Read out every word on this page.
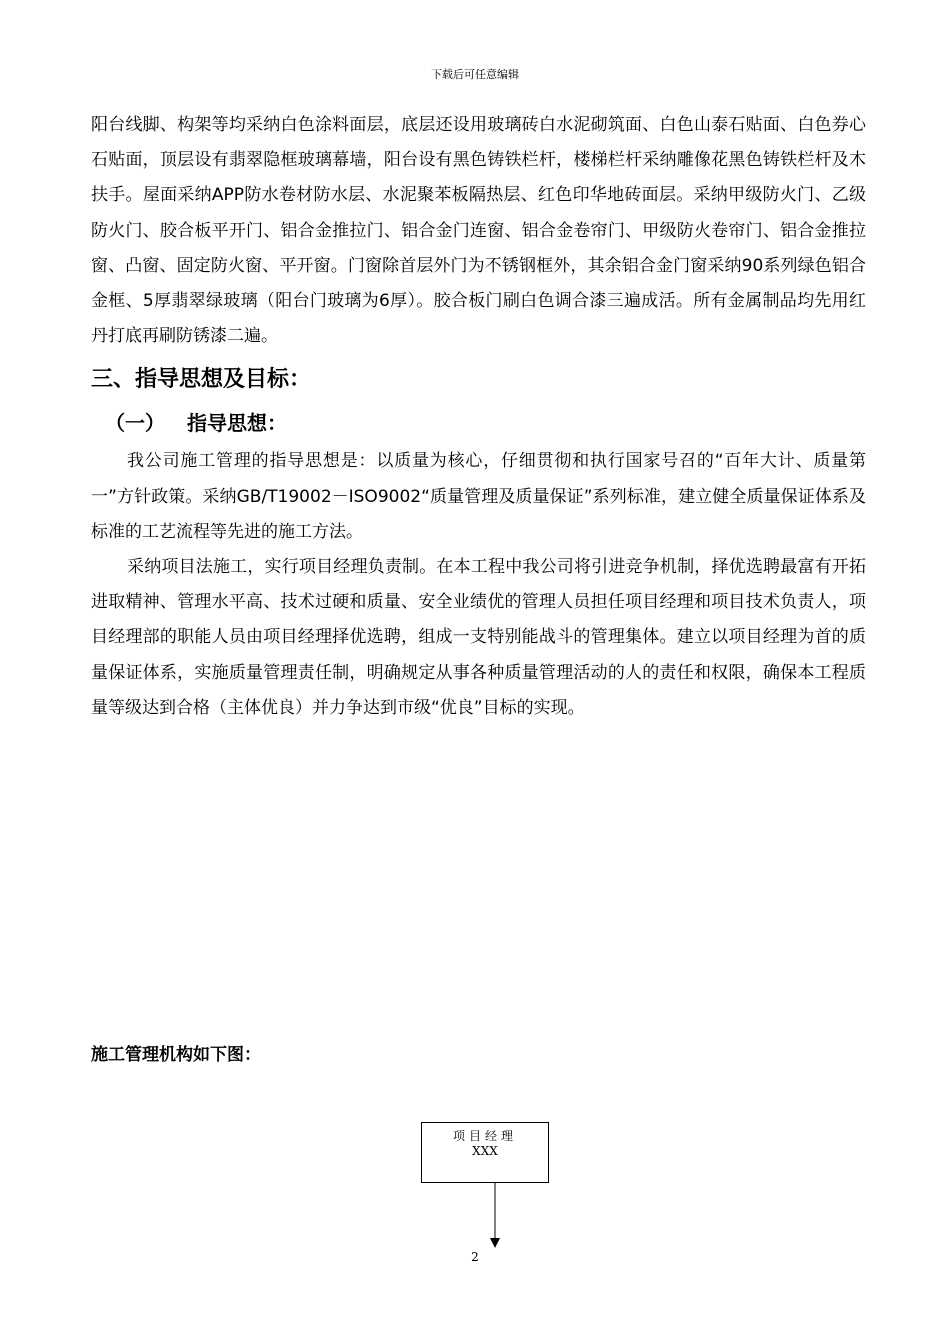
下载后可任意编辑

阳台线脚、构架等均采纳白色涂料面层，底层还设用玻璃砖白水泥砌筑面、白色山泰石贴面、白色券心石贴面，顶层设有翡翠隐框玻璃幕墙，阳台设有黑色铸铁栏杆，楼梯栏杆采纳雕像花黑色铸铁栏杆及木扶手。屋面采纳APP防水卷材防水层、水泥聚苯板隔热层、红色印华地砖面层。采纳甲级防火门、乙级防火门、胶合板平开门、铝合金推拉门、铝合金门连窗、铝合金卷帘门、甲级防火卷帘门、铝合金推拉窗、凸窗、固定防火窗、平开窗。门窗除首层外门为不锈钢框外，其余铝合金门窗采纳90系列绿色铝合金框、5厚翡翠绿玻璃（阳台门玻璃为6厚）。胶合板门刷白色调合漆三遍成活。所有金属制品均先用红丹打底再刷防锈漆二遍。

三、指导思想及目标：
（一） 指导思想：

我公司施工管理的指导思想是：以质量为核心，仔细贯彻和执行国家号召的“百年大计、质量第一”方针政策。采纳GB/T19002－ISO9002“质量管理及质量保证”系列标准，建立健全质量保证体系及标准的工艺流程等先进的施工方法。

采纳项目法施工，实行项目经理负责制。在本工程中我公司将引进竞争机制，择优选聘最富有开拓进取精神、管理水平高、技术过硬和质量、安全业绩优的管理人员担任项目经理和项目技术负责人，项目经理部的职能人员由项目经理择优选聘，组成一支特别能战斗的管理集体。建立以项目经理为首的质量保证体系，实施质量管理责任制，明确规定从事各种质量管理活动的人的责任和权限，确保本工程质量等级达到合格（主体优良）并力争达到市级“优良”目标的实现。

施工管理机构如下图：
项目经理
XXX
2
